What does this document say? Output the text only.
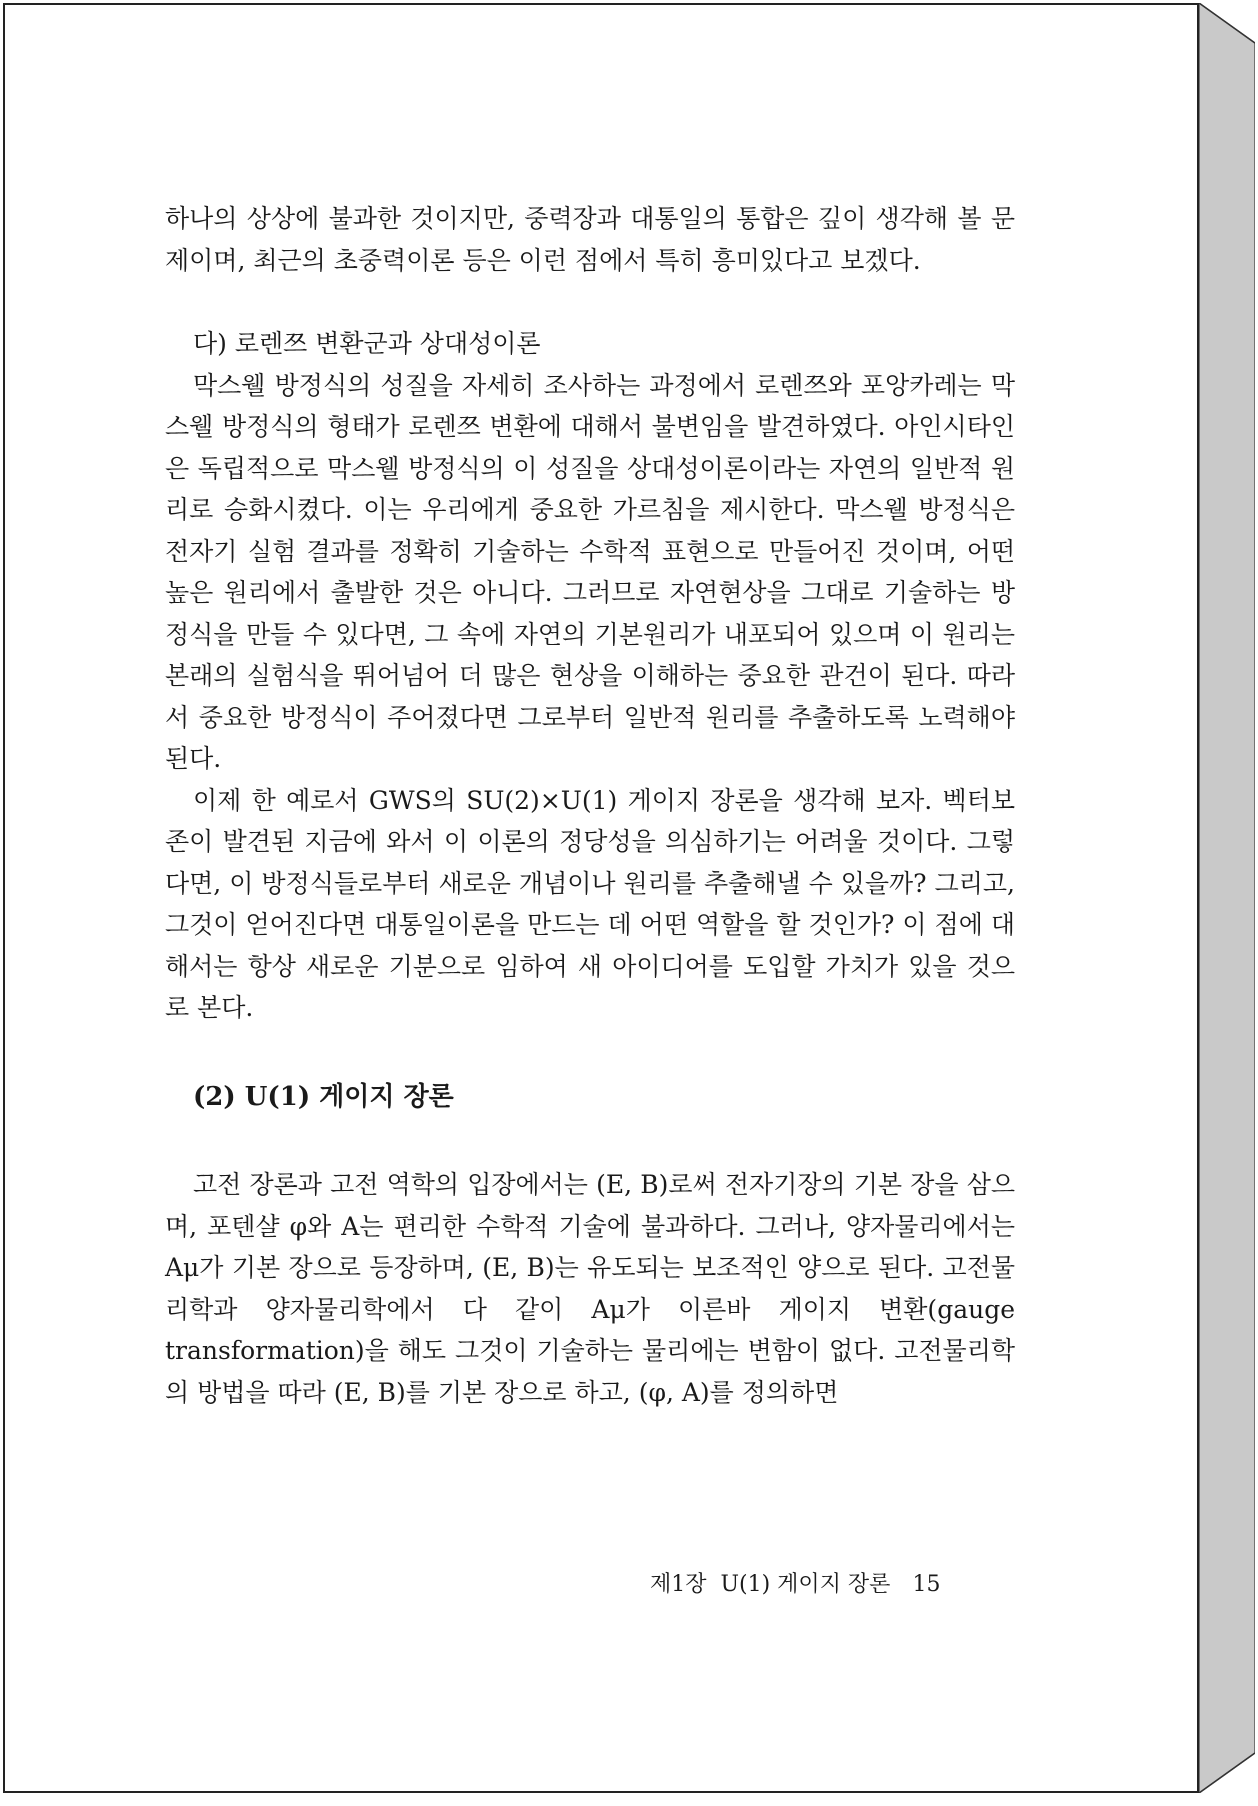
하나의 상상에 불과한 것이지만, 중력장과 대통일의 통합은 깊이 생각해 볼 문제이며, 최근의 초중력이론 등은 이런 점에서 특히 흥미있다고 보겠다.

다) 로렌쯔 변환군과 상대성이론

막스웰 방정식의 성질을 자세히 조사하는 과정에서 로렌쯔와 포앙카레는 막스웰 방정식의 형태가 로렌쯔 변환에 대해서 불변임을 발견하였다. 아인시타인은 독립적으로 막스웰 방정식의 이 성질을 상대성이론이라는 자연의 일반적 원리로 승화시켰다. 이는 우리에게 중요한 가르침을 제시한다. 막스웰 방정식은 전자기 실험 결과를 정확히 기술하는 수학적 표현으로 만들어진 것이며, 어떤 높은 원리에서 출발한 것은 아니다. 그러므로 자연현상을 그대로 기술하는 방정식을 만들 수 있다면, 그 속에 자연의 기본원리가 내포되어 있으며 이 원리는 본래의 실험식을 뛰어넘어 더 많은 현상을 이해하는 중요한 관건이 된다. 따라서 중요한 방정식이 주어졌다면 그로부터 일반적 원리를 추출하도록 노력해야 된다.

이제 한 예로서 GWS의 SU(2)×U(1) 게이지 장론을 생각해 보자. 벡터보존이 발견된 지금에 와서 이 이론의 정당성을 의심하기는 어려울 것이다. 그렇다면, 이 방정식들로부터 새로운 개념이나 원리를 추출해낼 수 있을까? 그리고, 그것이 얻어진다면 대통일이론을 만드는 데 어떤 역할을 할 것인가? 이 점에 대해서는 항상 새로운 기분으로 임하여 새 아이디어를 도입할 가치가 있을 것으로 본다.

(2) U(1) 게이지 장론

고전 장론과 고전 역학의 입장에서는 (E, B)로써 전자기장의 기본 장을 삼으며, 포텐샬 φ와 A는 편리한 수학적 기술에 불과하다. 그러나, 양자물리에서는 Aμ가 기본 장으로 등장하며, (E, B)는 유도되는 보조적인 양으로 된다. 고전물리학과 양자물리학에서 다 같이 Aμ가 이른바 게이지 변환(gauge transformation)을 해도 그것이 기술하는 물리에는 변함이 없다. 고전물리학의 방법을 따라 (E, B)를 기본 장으로 하고, (φ, A)를 정의하면

제1장  U(1) 게이지 장론 15
